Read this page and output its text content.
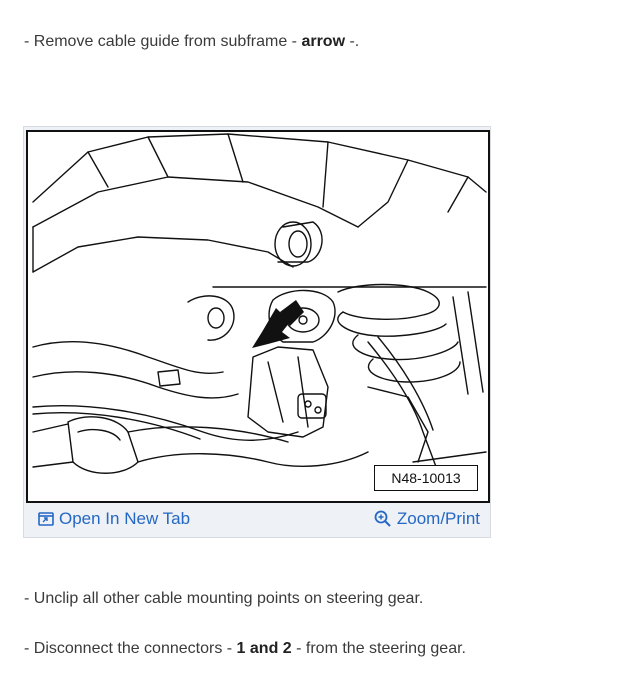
- Remove cable guide from subframe - arrow -.
N48-10013
Open In New Tab	Zoom/Print
- Unclip all other cable mounting points on steering gear.
- Disconnect the connectors - 1 and 2 - from the steering gear.
